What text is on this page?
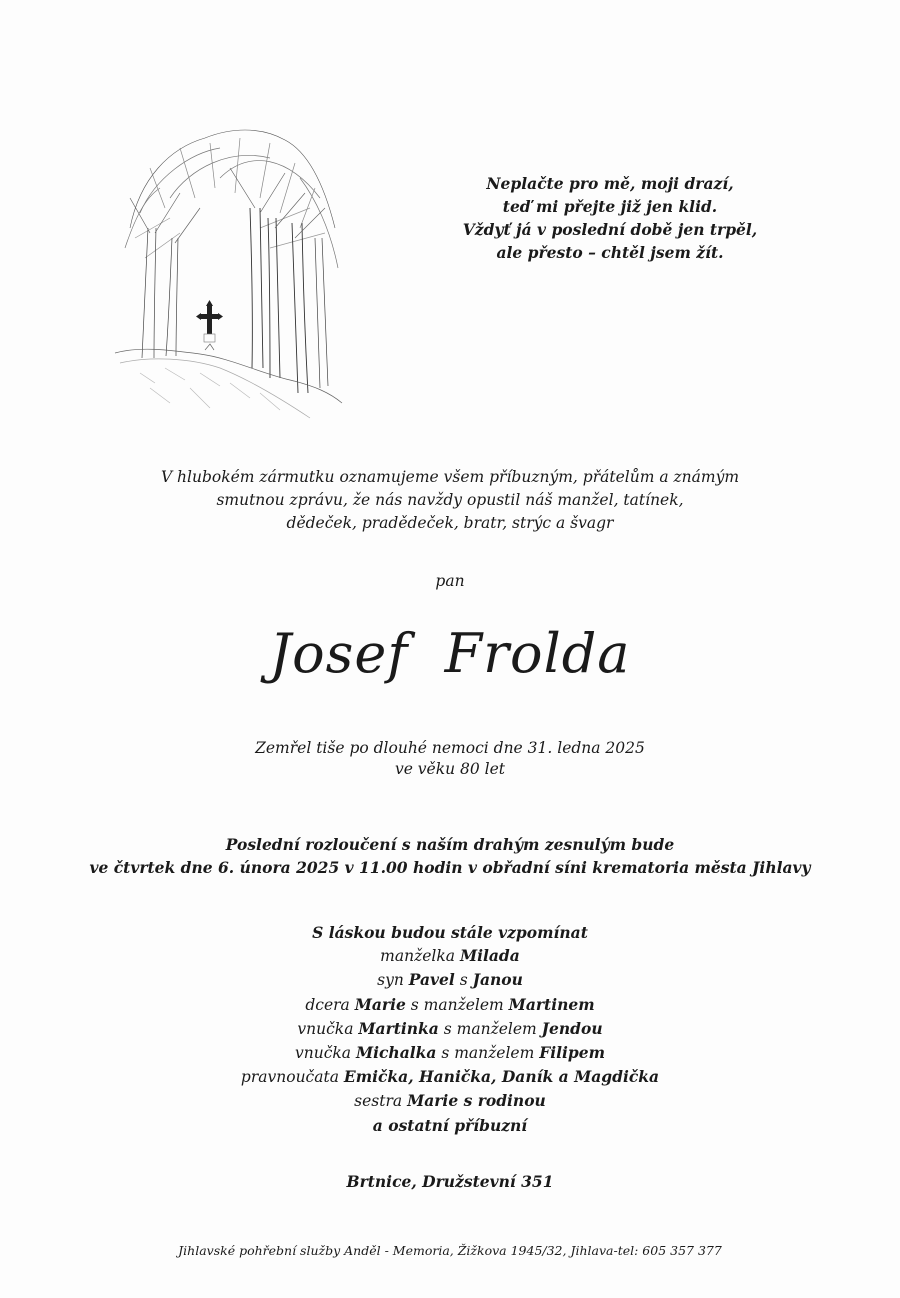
Neplačte pro mě, moji drazí,
teď mi přejte již jen klid.
Vždyť já v poslední době jen trpěl,
ale přesto – chtěl jsem žít.
V hlubokém zármutku oznamujeme všem příbuzným, přátelům a známým
smutnou zprávu, že nás navždy opustil náš manžel, tatínek,
dědeček, pradědeček, bratr, strýc a švagr
pan
Josef  Frolda
Zemřel tiše po dlouhé nemoci dne 31. ledna 2025
ve věku 80 let
Poslední rozloučení s naším drahým zesnulým bude
ve čtvrtek dne 6. února 2025 v 11.00 hodin v obřadní síni krematoria města Jihlavy
S láskou budou stále vzpomínat
manželka Milada
syn Pavel s Janou
dcera Marie s manželem Martinem
vnučka Martinka s manželem Jendou
vnučka Michalka s manželem Filipem
pravnoučata Emička, Hanička, Daník a Magdička
sestra Marie s rodinou
a ostatní příbuzní
Brtnice, Družstevní 351
Jihlavské pohřební služby Anděl - Memoria, Žižkova 1945/32, Jihlava-tel: 605 357 377
